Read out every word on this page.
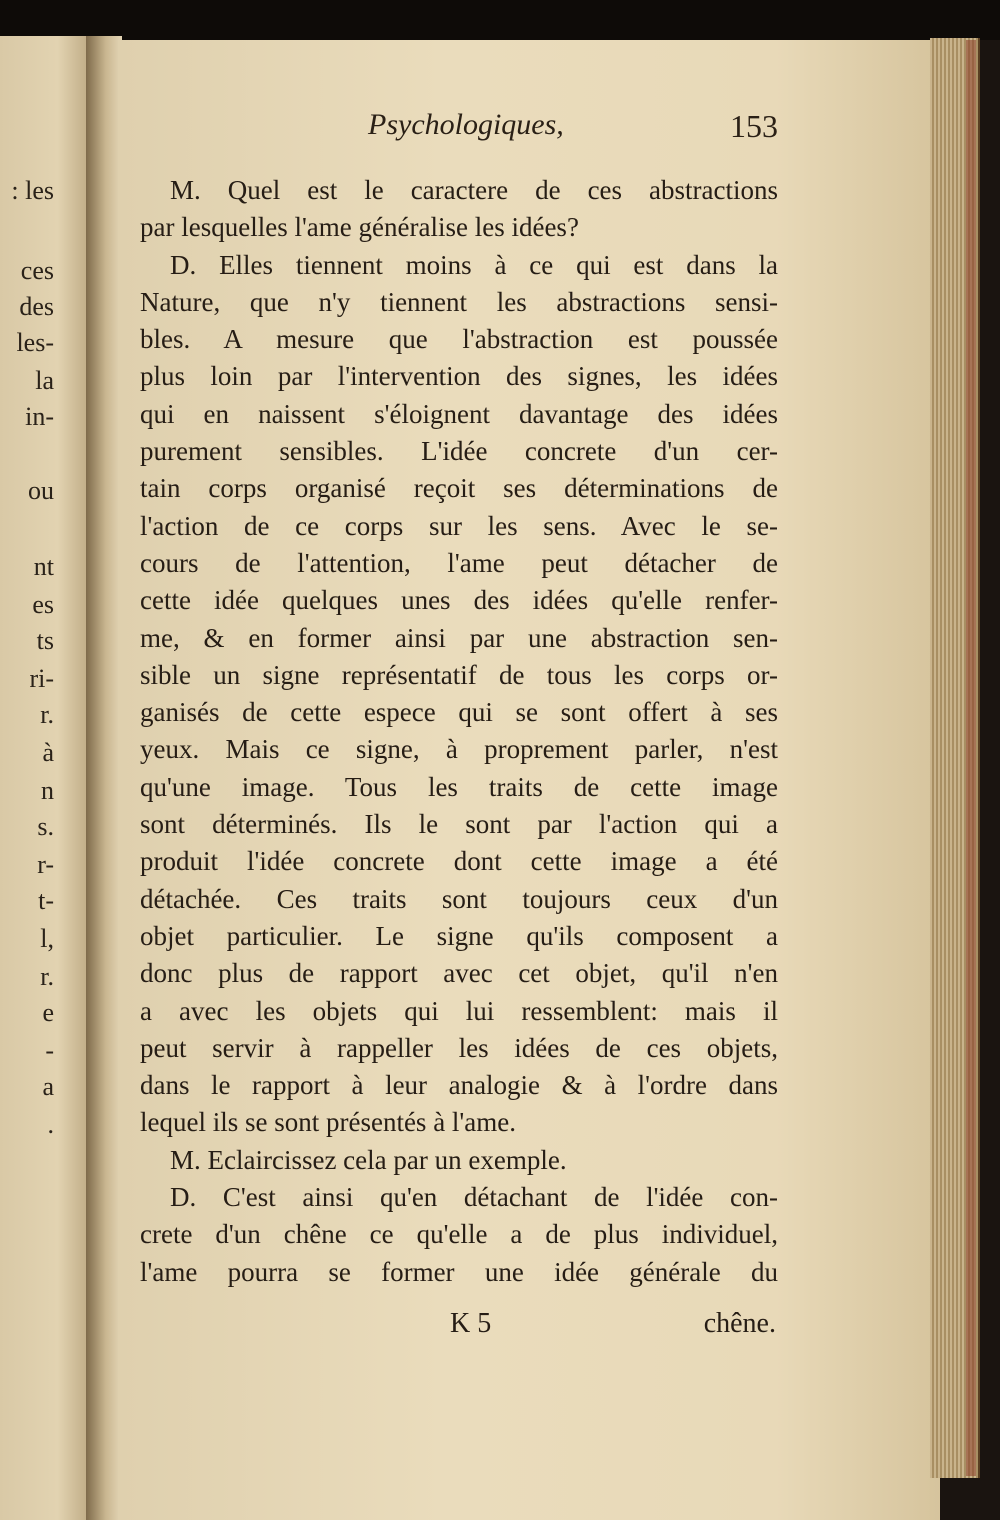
: les
ces
des
les-
la
in-
ou
nt
es
ts
ri-
r.
à
n
s.
r-
t-
l,
r.
e
-
a
.
Psychologiques,	153
M. Quel est le caractere de ces abstractions
par lesquelles l'ame généralise les idées?
D. Elles tiennent moins à ce qui est dans la
Nature, que n'y tiennent les abstractions sensi-
bles. A mesure que l'abstraction est poussée
plus loin par l'intervention des signes, les idées
qui en naissent s'éloignent davantage des idées
purement sensibles. L'idée concrete d'un cer-
tain corps organisé reçoit ses déterminations de
l'action de ce corps sur les sens. Avec le se-
cours de l'attention, l'ame peut détacher de
cette idée quelques unes des idées qu'elle renfer-
me, & en former ainsi par une abstraction sen-
sible un signe représentatif de tous les corps or-
ganisés de cette espece qui se sont offert à ses
yeux. Mais ce signe, à proprement parler, n'est
qu'une image. Tous les traits de cette image
sont déterminés. Ils le sont par l'action qui a
produit l'idée concrete dont cette image a été
détachée. Ces traits sont toujours ceux d'un
objet particulier. Le signe qu'ils composent a
donc plus de rapport avec cet objet, qu'il n'en
a avec les objets qui lui ressemblent: mais il
peut servir à rappeller les idées de ces objets,
dans le rapport à leur analogie & à l'ordre dans
lequel ils se sont présentés à l'ame.
M. Eclaircissez cela par un exemple.
D. C'est ainsi qu'en détachant de l'idée con-
crete d'un chêne ce qu'elle a de plus individuel,
l'ame pourra se former une idée générale du
K 5	chêne.
